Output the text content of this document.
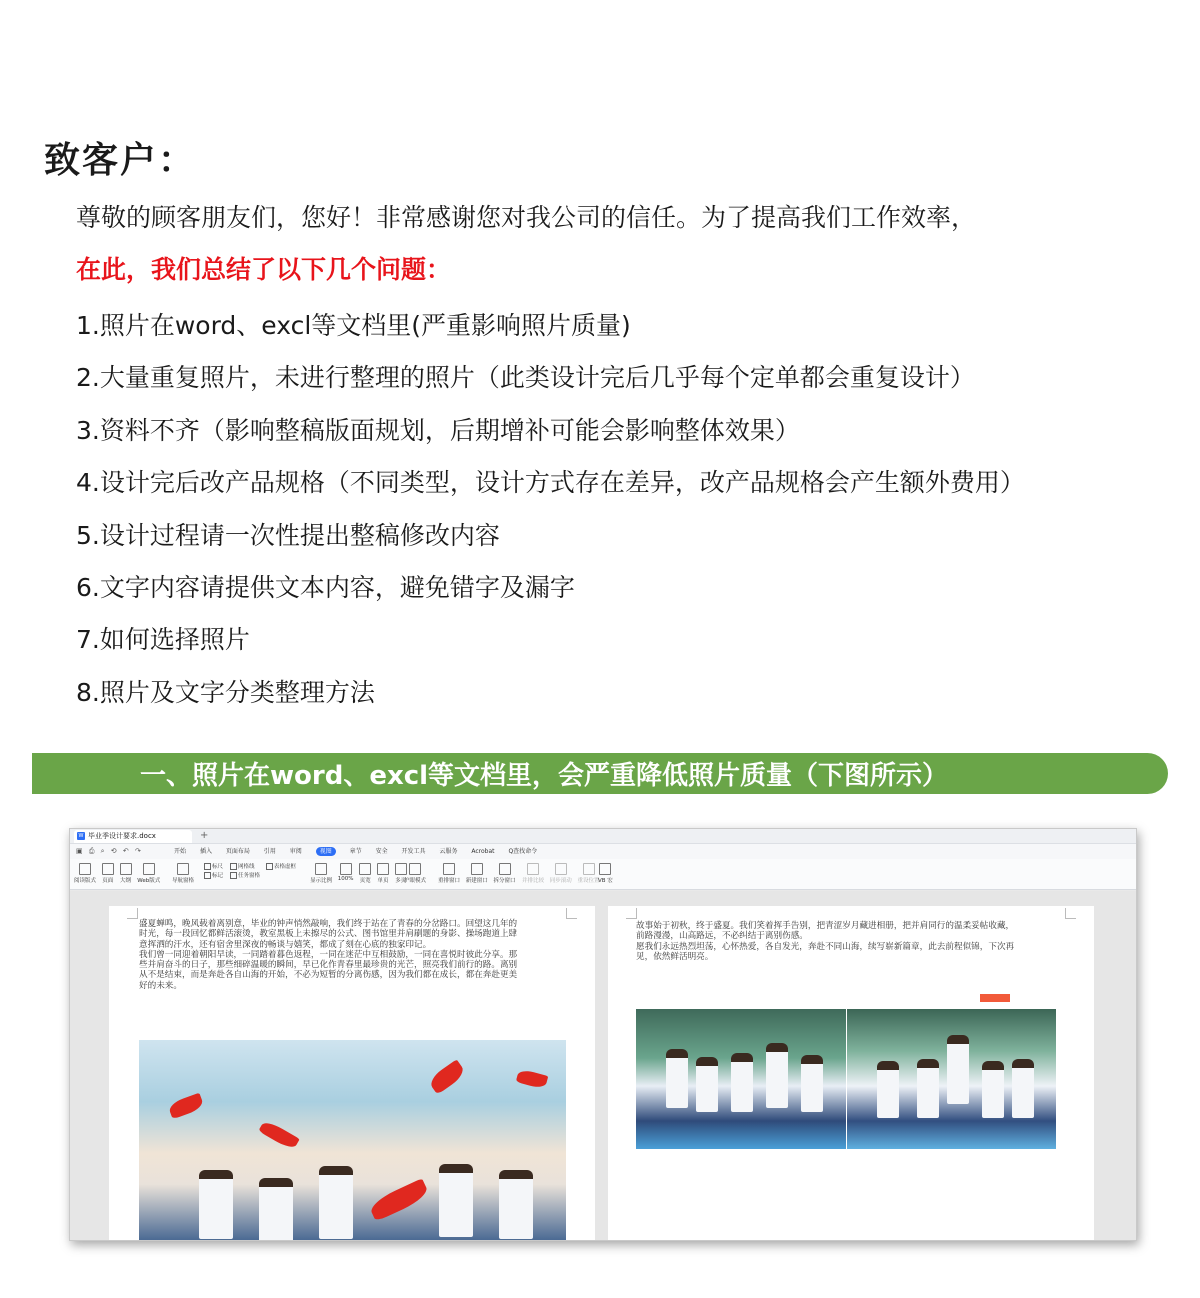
致客户：
尊敬的顾客朋友们，您好！非常感谢您对我公司的信任。为了提高我们工作效率，
在此，我们总结了以下几个问题：
1.照片在word、excl等文档里(严重影响照片质量)
2.大量重复照片，未进行整理的照片（此类设计完后几乎每个定单都会重复设计）
3.资料不齐（影响整稿版面规划，后期增补可能会影响整体效果）
4.设计完后改产品规格（不同类型，设计方式存在差异，改产品规格会产生额外费用）
5.设计过程请一次性提出整稿修改内容
6.文字内容请提供文本内容，避免错字及漏字
7.如何选择照片
8.照片及文字分类整理方法
一、照片在word、excl等文档里，会严重降低照片质量（下图所示）
W 毕业季设计要求.docx	+
▣ ⎙ ⌕ ⟲ ↶ ↷	开始 插入 页面布局 引用 审阅	视图	章节 安全 开发工具 云服务 Acrobat Q查找命令
阅读版式 页面 大纲 Web版式	导航窗格
标尺
标记
网格线
任务窗格
表格虚框
显示比例 100% 页宽 单页 多页
护眼模式	重排窗口 新建窗口 拆分窗口	并排比较 同步滚动 重设位置
VB 宏

盛夏蝉鸣，晚风载着离别意，毕业的钟声悄然敲响，我们终于站在了青春的分岔路口。回望这几年的

时光，每一段回忆都鲜活滚烫，教室黑板上未擦尽的公式、图书馆里并肩刷题的身影、操场跑道上肆

意挥洒的汗水，还有宿舍里深夜的畅谈与嬉笑，都成了刻在心底的独家印记。

我们曾一同迎着朝阳早读，一同踏着暮色返程，一同在迷茫中互相鼓励，一同在喜悦时彼此分享。那

些并肩奋斗的日子，那些细碎温暖的瞬间，早已化作青春里最珍贵的光芒，照亮我们前行的路。离别

从不是结束，而是奔赴各自山海的开始，不必为短暂的分离伤感，因为我们都在成长，都在奔赴更美

好的未来。

故事始于初秋，终于盛夏。我们笑着挥手告别，把青涩岁月藏进相册，把并肩同行的温柔妥帖收藏，

前路漫漫，山高路远，不必纠结于离别伤感。

愿我们永远热烈坦荡，心怀热爱，各自发光，奔赴不同山海，续写崭新篇章，此去前程似锦，下次再

见，依然鲜活明亮。
